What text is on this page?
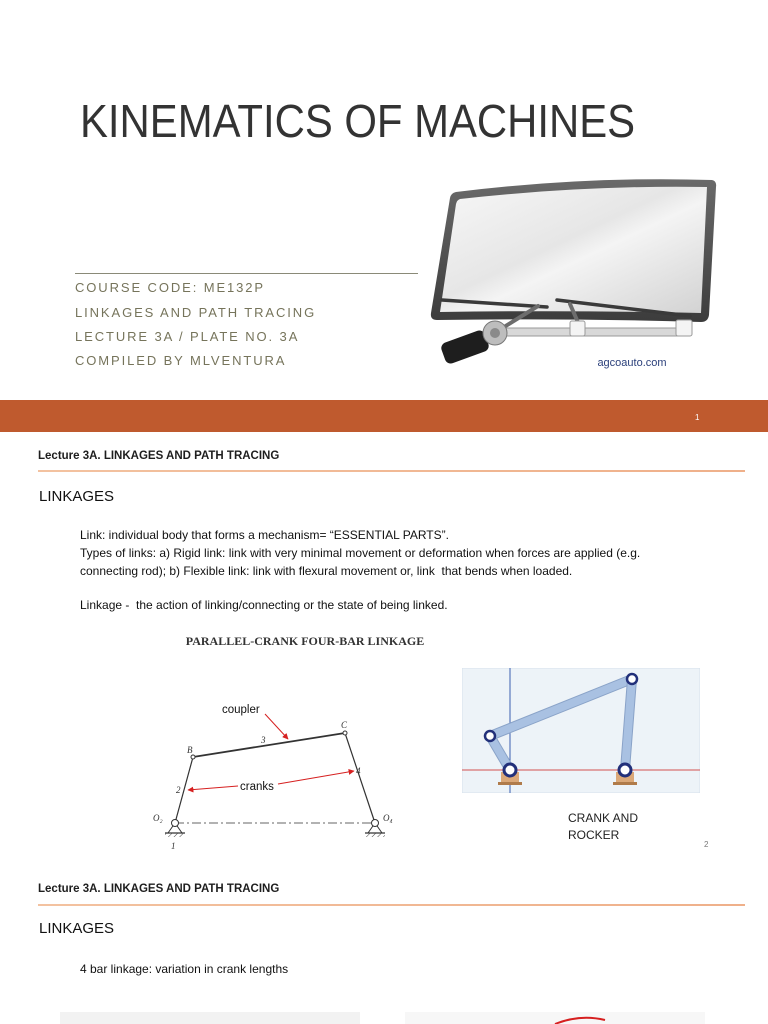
KINEMATICS OF MACHINES
COURSE CODE: ME132P
LINKAGES AND PATH TRACING
LECTURE 3A / PLATE NO. 3A
COMPILED BY MLVENTURA	agcoauto.com
1
Lecture 3A. LINKAGES AND PATH TRACING
LINKAGES
Link: individual body that forms a mechanism= “ESSENTIAL PARTS”.
Types of links: a) Rigid link: link with very minimal movement or deformation when forces are applied (e.g.
connecting rod); b) Flexible link: link with flexural movement or, link  that bends when loaded.
Linkage -  the action of linking/connecting or the state of being linked.
PARALLEL-CRANK FOUR-BAR LINKAGE
B
C
O₂	O₄
1
2
3
4
coupler
cranks
CRANK AND
ROCKER
2
Lecture 3A. LINKAGES AND PATH TRACING
LINKAGES
4 bar linkage: variation in crank lengths
